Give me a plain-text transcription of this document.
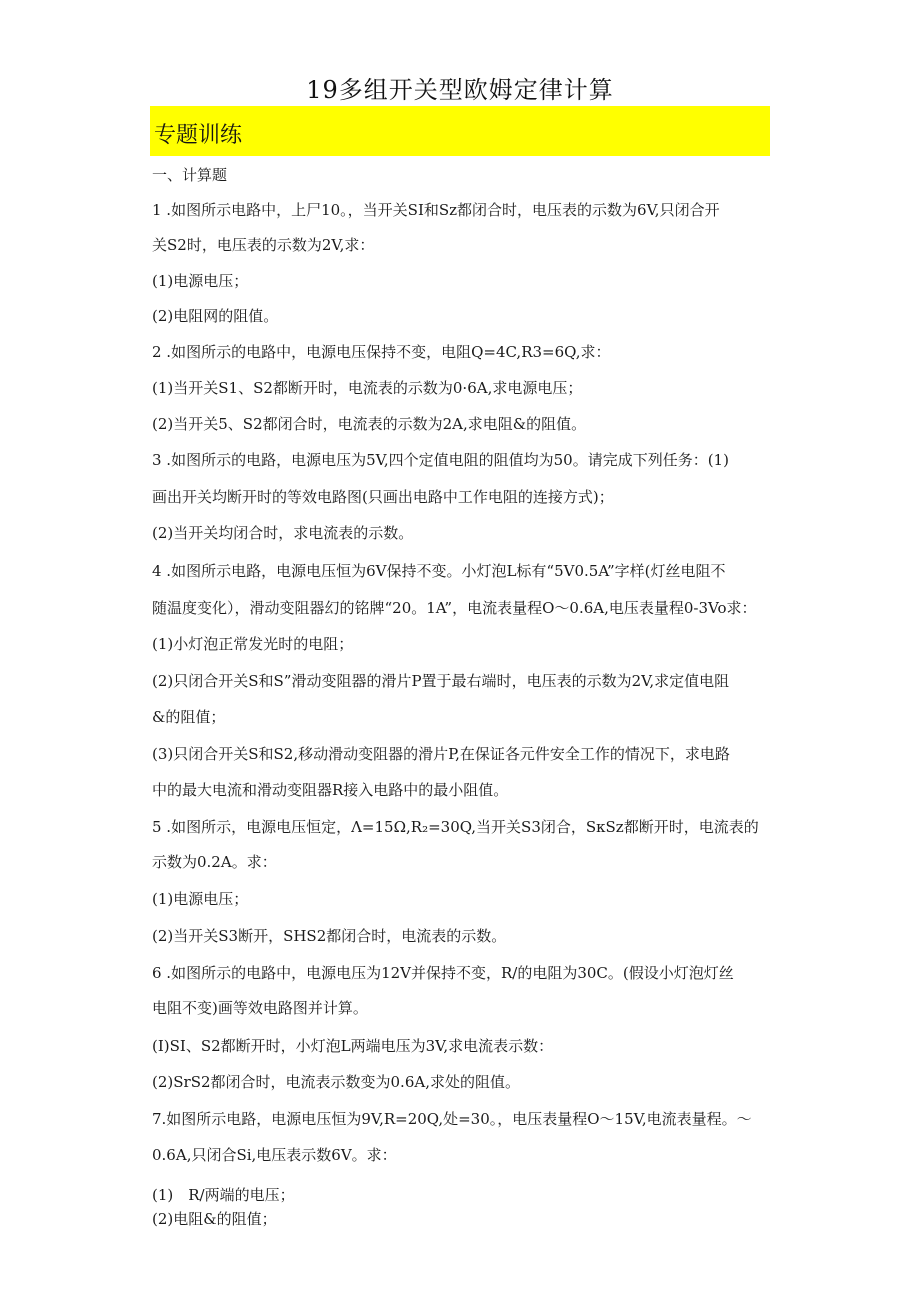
19多组开关型欧姆定律计算
专题训练
一、计算题
1 .如图所示电路中，上尸10。，当开关SI和Sz都闭合时，电压表的示数为6V,只闭合开
关S2时，电压表的示数为2V,求：
(1)电源电压；
(2)电阻网的阻值。
2 .如图所示的电路中，电源电压保持不变，电阻Q=4C,R3=6Q,求：
(1)当开关S1、S2都断开时，电流表的示数为0·6A,求电源电压；
(2)当开关5、S2都闭合时，电流表的示数为2A,求电阻&的阻值。
3 .如图所示的电路，电源电压为5V,四个定值电阻的阻值均为50。请完成下列任务：(1)
画出开关均断开时的等效电路图(只画出电路中工作电阻的连接方式)；
(2)当开关均闭合时，求电流表的示数。
4 .如图所示电路，电源电压恒为6V保持不变。小灯泡L标有“5V0.5A”字样(灯丝电阻不
随温度变化），滑动变阻器幻的铭牌“20。1A”，电流表量程O～0.6A,电压表量程0-3Vo求：
(1)小灯泡正常发光时的电阻；
(2)只闭合开关S和S”滑动变阻器的滑片P置于最右端时，电压表的示数为2V,求定值电阻
&的阻值；
(3)只闭合开关S和S2,移动滑动变阻器的滑片P,在保证各元件安全工作的情况下，求电路
中的最大电流和滑动变阻器R接入电路中的最小阻值。
5 .如图所示，电源电压恒定，Λ=15Ω,R₂=30Q,当开关S3闭合，SκSz都断开时，电流表的
示数为0.2A。求：
(1)电源电压；
(2)当开关S3断开，SHS2都闭合时，电流表的示数。
6 .如图所示的电路中，电源电压为12V并保持不变，R/的电阻为30C。(假设小灯泡灯丝
电阻不变)画等效电路图并计算。
(I)SI、S2都断开时，小灯泡L两端电压为3V,求电流表示数：
(2)SrS2都闭合时，电流表示数变为0.6A,求处的阻值。
7.如图所示电路，电源电压恒为9V,R=20Q,处=30。，电压表量程O～15V,电流表量程。～
0.6A,只闭合Si,电压表示数6V。求：
(1)　R/两端的电压；
(2)电阻&的阻值；
